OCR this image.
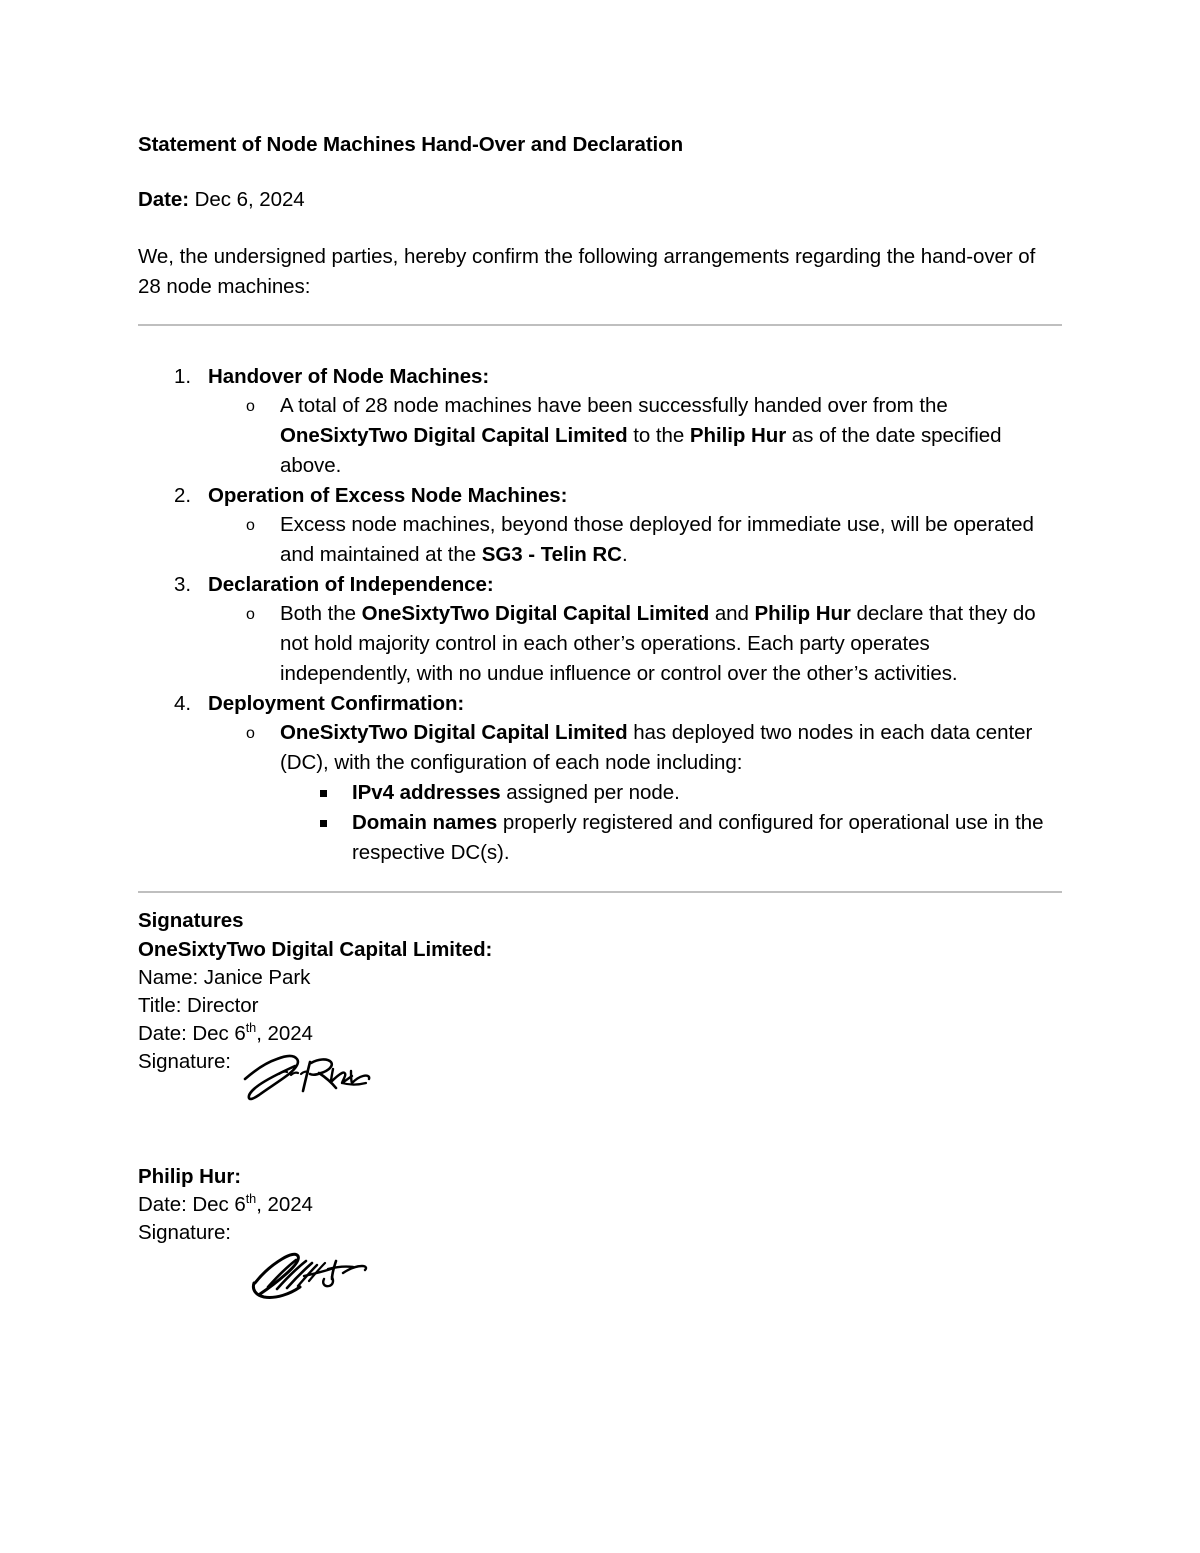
Statement of Node Machines Hand-Over and Declaration
Date: Dec 6, 2024
We, the undersigned parties, hereby confirm the following arrangements regarding the hand-over of 28 node machines:
1. Handover of Node Machines:
o A total of 28 node machines have been successfully handed over from the OneSixtyTwo Digital Capital Limited to the Philip Hur as of the date specified above.
2. Operation of Excess Node Machines:
o Excess node machines, beyond those deployed for immediate use, will be operated and maintained at the SG3 - Telin RC.
3. Declaration of Independence:
o Both the OneSixtyTwo Digital Capital Limited and Philip Hur declare that they do not hold majority control in each other’s operations. Each party operates independently, with no undue influence or control over the other’s activities.
4. Deployment Confirmation:
o OneSixtyTwo Digital Capital Limited has deployed two nodes in each data center (DC), with the configuration of each node including:
IPv4 addresses assigned per node.
Domain names properly registered and configured for operational use in the respective DC(s).
Signatures
OneSixtyTwo Digital Capital Limited:
Name: Janice Park
Title: Director
Date: Dec 6th, 2024
Signature:
Philip Hur:
Date: Dec 6th, 2024
Signature:
